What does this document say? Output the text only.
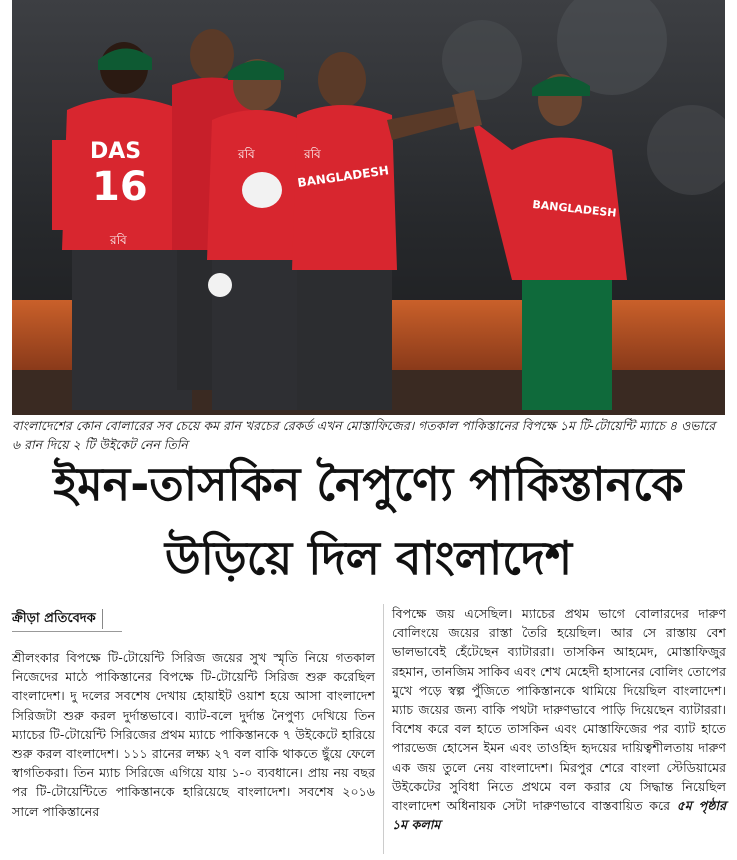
DAS
16
রবি
রবি	রবি
BANGLADESH
BANGLADESH
বাংলাদেশের কোন বোলারের সব চেয়ে কম রান খরচের রেকর্ড এখন মোস্তাফিজের। গতকাল পাকিস্তানের বিপক্ষে ১ম টি-টোয়েন্টি ম্যাচে ৪ ওভারে ৬ রান দিয়ে ২ টি উইকেট নেন তিনি
ইমন-তাসকিন নৈপুণ্যে পাকিস্তানকে
উড়িয়ে দিল বাংলাদেশ
ক্রীড়া প্রতিবেদক
শ্রীলংকার বিপক্ষে টি-টোয়েন্টি সিরিজ জয়ের সুখ স্মৃতি নিয়ে গতকাল নিজেদের মাঠে পাকিস্তানের বিপক্ষে টি-টোয়েন্টি সিরিজ শুরু করেছিল বাংলাদেশ। দু দলের সবশেষ দেখায় হোয়াইট ওয়াশ হয়ে আসা বাংলাদেশ সিরিজটা শুরু করল দুর্দান্তভাবে। ব্যাট-বলে দুর্দান্ত নৈপুণ্য দেখিয়ে তিন ম্যাচের টি-টোয়েন্টি সিরিজের প্রথম ম্যাচে পাকিস্তানকে ৭ উইকেটে হারিয়ে শুরু করল বাংলাদেশ। ১১১ রানের লক্ষ্য ২৭ বল বাকি থাকতে ছুঁয়ে ফেলে স্বাগতিকরা। তিন ম্যাচ সিরিজে এগিয়ে যায় ১-০ ব্যবধানে। প্রায় নয় বছর পর টি-টোয়েন্টিতে পাকিস্তানকে হারিয়েছে বাংলাদেশ। সবশেষ ২০১৬ সালে পাকিস্তানের
বিপক্ষে জয় এসেছিল। ম্যাচের প্রথম ভাগে বোলারদের দারুণ বোলিংয়ে জয়ের রাস্তা তৈরি হয়েছিল। আর সে রাস্তায় বেশ ভালভাবেই হেঁটেছেন ব্যাটাররা। তাসকিন আহমেদ, মোস্তাফিজুর রহমান, তানজিম সাকিব এবং শেখ মেহেদী হাসানের বোলিং তোপের মুখে পড়ে স্বল্প পুঁজিতে পাকিস্তানকে থামিয়ে দিয়েছিল বাংলাদেশ। ম্যাচ জয়ের জন্য বাকি পথটা দারুণভাবে পাড়ি দিয়েছেন ব্যাটাররা। বিশেষ করে বল হাতে তাসকিন এবং মোস্তাফিজের পর ব্যাট হাতে পারভেজ হোসেন ইমন এবং তাওহিদ হৃদয়ের দায়িত্বশীলতায় দারুণ এক জয় তুলে নেয় বাংলাদেশ। মিরপুর শেরে বাংলা স্টেডিয়ামের উইকেটের সুবিধা নিতে প্রথমে বল করার যে সিদ্ধান্ত নিয়েছিল বাংলাদেশ অধিনায়ক সেটা দারুণভাবে বাস্তবায়িত করে ৫ম পৃষ্ঠার ১ম কলাম
